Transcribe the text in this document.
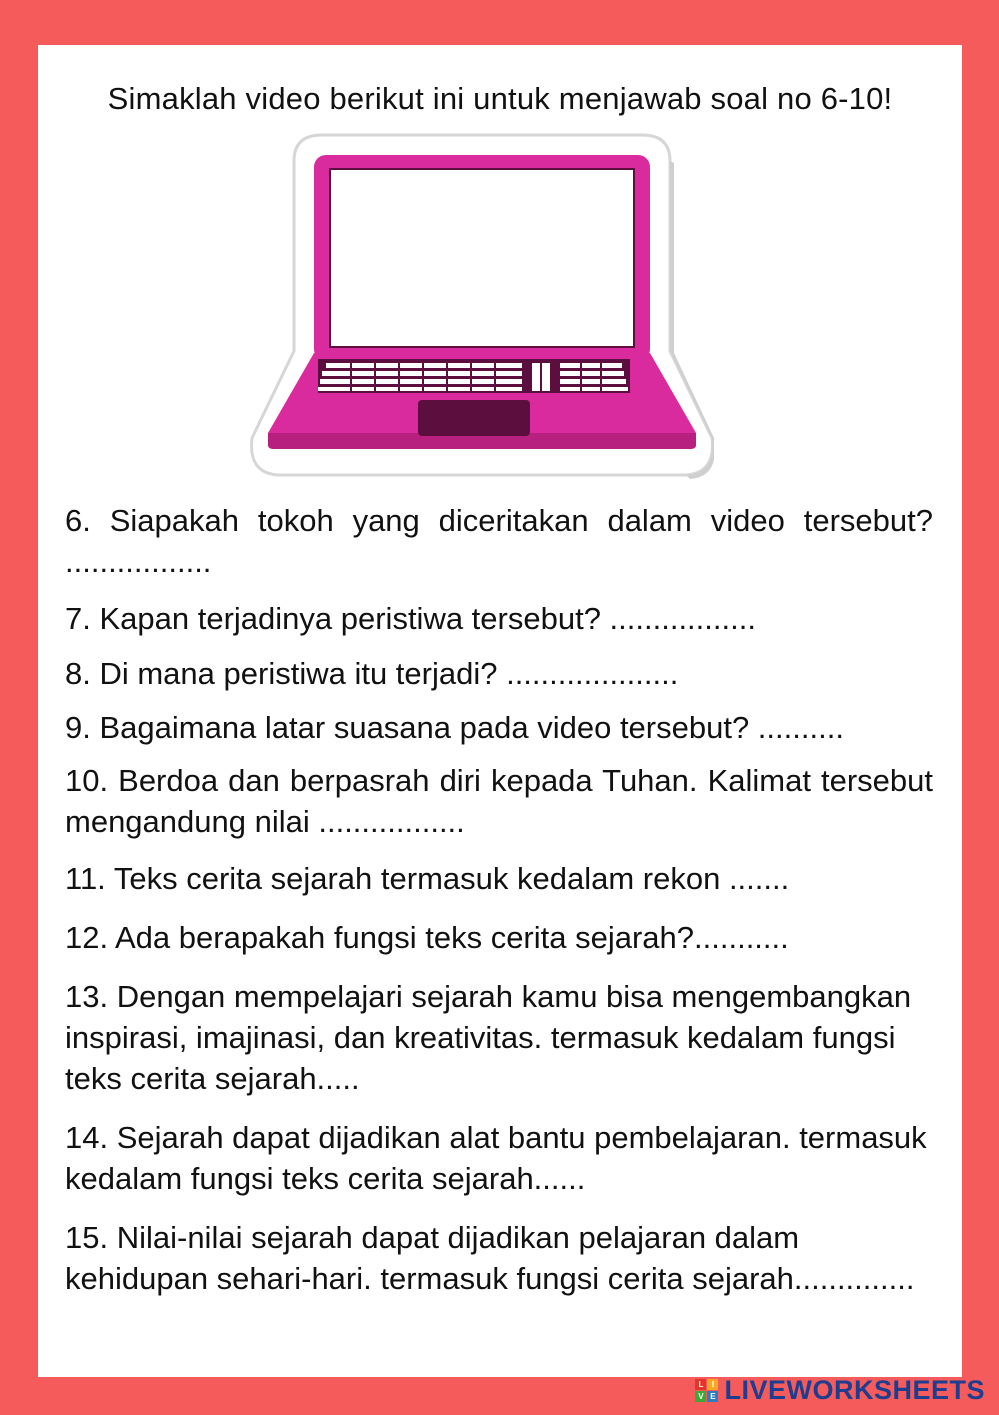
Simaklah video berikut ini untuk menjawab soal no 6-10!

6. Siapakah tokoh yang diceritakan dalam video tersebut? .................

7. Kapan terjadinya peristiwa tersebut? .................

8. Di mana peristiwa itu terjadi? ....................

9. Bagaimana latar suasana pada video tersebut? ..........

10. Berdoa dan berpasrah diri kepada Tuhan. Kalimat tersebut mengandung nilai .................

11. Teks cerita sejarah termasuk kedalam rekon .......

12. Ada berapakah fungsi teks cerita sejarah?...........

13. Dengan mempelajari sejarah kamu bisa mengembangkan inspirasi, imajinasi, dan kreativitas. termasuk kedalam fungsi teks cerita sejarah.....

14. Sejarah dapat dijadikan alat bantu pembelajaran. termasuk kedalam fungsi teks cerita sejarah......

15. Nilai-nilai sejarah dapat dijadikan pelajaran dalam kehidupan sehari-hari. termasuk fungsi cerita sejarah..............

L	I
V E LIVEWORKSHEETS
